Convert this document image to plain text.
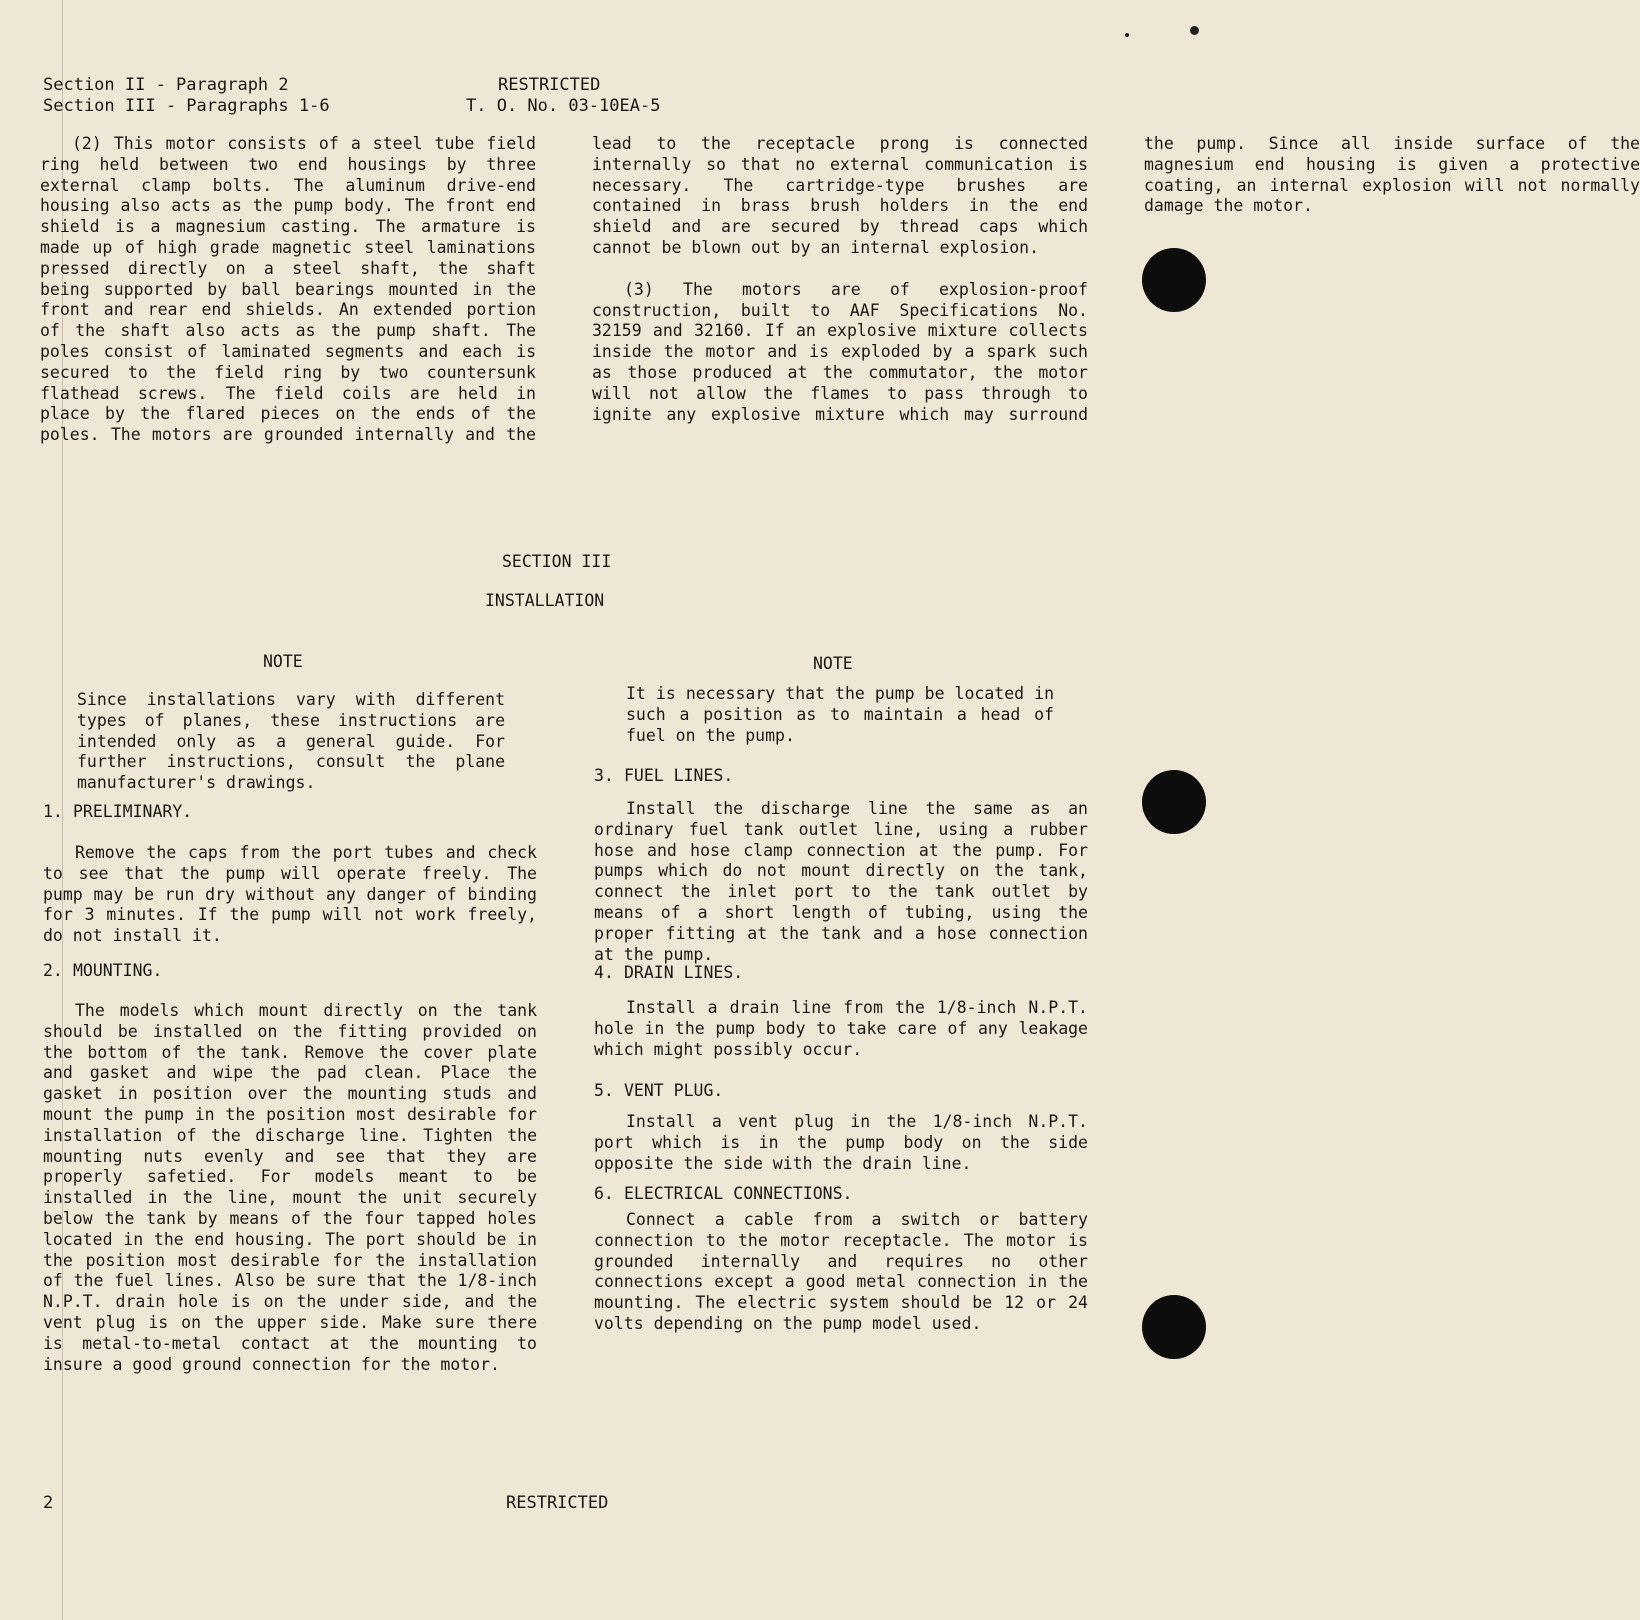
Section II - Paragraph 2
Section III - Paragraphs 1-6
RESTRICTED
T. O. No. 03-10EA-5

(2) This motor consists of a steel tube field ring held between two end housings by three external clamp bolts. The aluminum drive-end housing also acts as the pump body. The front end shield is a magnesium casting. The armature is made up of high grade magnetic steel laminations pressed directly on a steel shaft, the shaft being supported by ball bearings mounted in the front and rear end shields. An extended portion of the shaft also acts as the pump shaft. The poles consist of laminated segments and each is secured to the field ring by two countersunk flathead screws. The field coils are held in place by the flared pieces on the ends of the poles. The motors are grounded internally and the lead to the receptacle prong is connected internally so that no external communication is necessary. The cartridge-type brushes are contained in brass brush holders in the end shield and are secured by thread caps which cannot be blown out by an internal explosion.

(3) The motors are of explosion-proof construction, built to AAF Specifications No. 32159 and 32160. If an explosive mixture collects inside the motor and is exploded by a spark such as those produced at the commutator, the motor will not allow the flames to pass through to ignite any explosive mixture which may surround the pump. Since all inside surface of the magnesium end housing is given a protective coating, an internal explosion will not normally damage the motor.

SECTION III
INSTALLATION
NOTE
Since installations vary with different types of planes, these instructions are intended only as a general guide. For further instructions, consult the plane manufacturer's drawings.
1. PRELIMINARY.
Remove the caps from the port tubes and check to see that the pump will operate freely. The pump may be run dry without any danger of binding for 3 minutes. If the pump will not work freely, do not install it.
2. MOUNTING.
The models which mount directly on the tank should be installed on the fitting provided on the bottom of the tank. Remove the cover plate and gasket and wipe the pad clean. Place the gasket in position over the mounting studs and mount the pump in the position most desirable for installation of the discharge line. Tighten the mounting nuts evenly and see that they are properly safetied. For models meant to be installed in the line, mount the unit securely below the tank by means of the four tapped holes located in the end housing. The port should be in the position most desirable for the installation of the fuel lines. Also be sure that the 1/8-inch N.P.T. drain hole is on the under side, and the vent plug is on the upper side. Make sure there is metal-to-metal contact at the mounting to insure a good ground connection for the motor.
NOTE
It is necessary that the pump be located in such a position as to maintain a head of fuel on the pump.
3. FUEL LINES.
Install the discharge line the same as an ordinary fuel tank outlet line, using a rubber hose and hose clamp connection at the pump. For pumps which do not mount directly on the tank, connect the inlet port to the tank outlet by means of a short length of tubing, using the proper fitting at the tank and a hose connection at the pump.
4. DRAIN LINES.
Install a drain line from the 1/8-inch N.P.T. hole in the pump body to take care of any leakage which might possibly occur.
5. VENT PLUG.
Install a vent plug in the 1/8-inch N.P.T. port which is in the pump body on the side opposite the side with the drain line.
6. ELECTRICAL CONNECTIONS.
Connect a cable from a switch or battery connection to the motor receptacle. The motor is grounded internally and requires no other connections except a good metal connection in the mounting. The electric system should be 12 or 24 volts depending on the pump model used.
2	RESTRICTED
